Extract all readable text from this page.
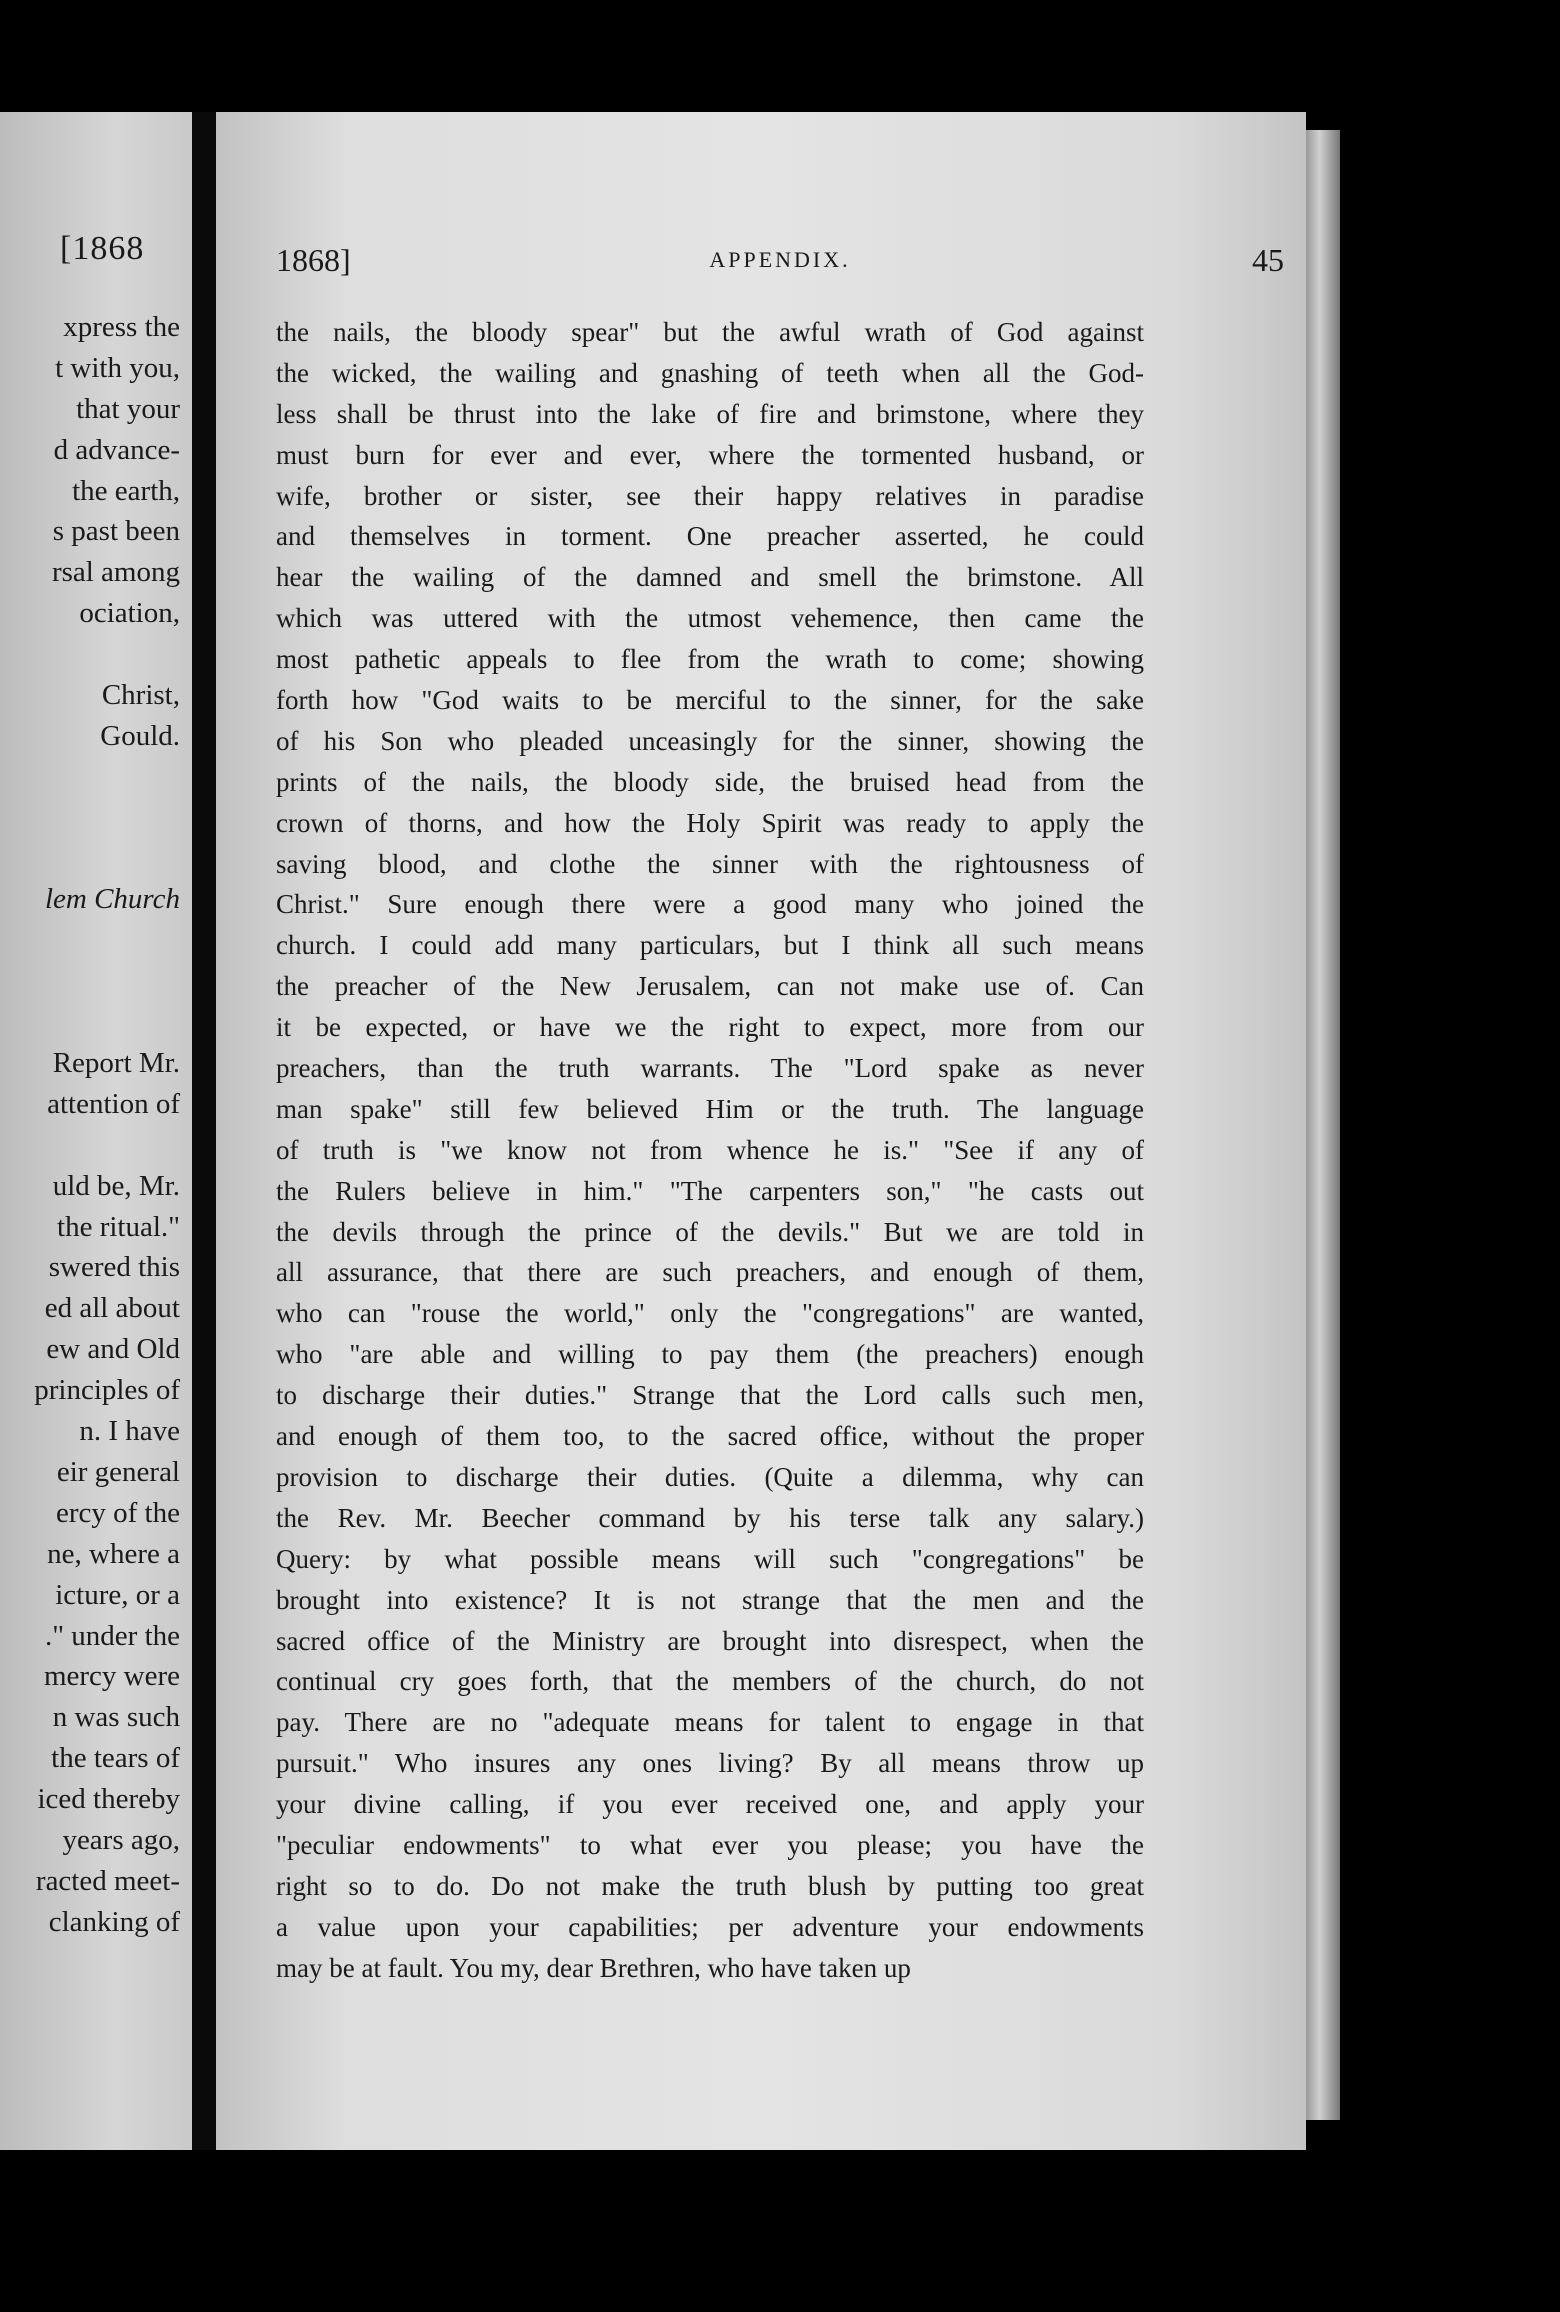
[1868
xpress the
t with you,
that your
d advance-
the earth,
s past been
rsal among
ociation,
Christ,
Gould.
lem Church
Report Mr.
attention of
uld be, Mr.
the ritual."
swered this
ed all about
ew and Old
principles of
n. I have
eir general
ercy of the
ne, where a
icture, or a
." under the
mercy were
n was such
the tears of
iced thereby
years ago,
racted meet-
clanking of
1868]	APPENDIX.	45
the nails, the bloody spear" but the awful wrath of God against
the wicked, the wailing and gnashing of teeth when all the God-
less shall be thrust into the lake of fire and brimstone, where they
must burn for ever and ever, where the tormented husband, or
wife, brother or sister, see their happy relatives in paradise
and themselves in torment. One preacher asserted, he could
hear the wailing of the damned and smell the brimstone. All
which was uttered with the utmost vehemence, then came the
most pathetic appeals to flee from the wrath to come; showing
forth how "God waits to be merciful to the sinner, for the sake
of his Son who pleaded unceasingly for the sinner, showing the
prints of the nails, the bloody side, the bruised head from the
crown of thorns, and how the Holy Spirit was ready to apply the
saving blood, and clothe the sinner with the rightousness of
Christ." Sure enough there were a good many who joined the
church. I could add many particulars, but I think all such means
the preacher of the New Jerusalem, can not make use of. Can
it be expected, or have we the right to expect, more from our
preachers, than the truth warrants. The "Lord spake as never
man spake" still few believed Him or the truth. The language
of truth is "we know not from whence he is." "See if any of
the Rulers believe in him." "The carpenters son," "he casts out
the devils through the prince of the devils." But we are told in
all assurance, that there are such preachers, and enough of them,
who can "rouse the world," only the "congregations" are wanted,
who "are able and willing to pay them (the preachers) enough
to discharge their duties." Strange that the Lord calls such men,
and enough of them too, to the sacred office, without the proper
provision to discharge their duties. (Quite a dilemma, why can
the Rev. Mr. Beecher command by his terse talk any salary.)
Query: by what possible means will such "congregations" be
brought into existence? It is not strange that the men and the
sacred office of the Ministry are brought into disrespect, when the
continual cry goes forth, that the members of the church, do not
pay. There are no "adequate means for talent to engage in that
pursuit." Who insures any ones living? By all means throw up
your divine calling, if you ever received one, and apply your
"peculiar endowments" to what ever you please; you have the
right so to do. Do not make the truth blush by putting too great
a value upon your capabilities; per adventure your endowments
may be at fault. You my, dear Brethren, who have taken up
